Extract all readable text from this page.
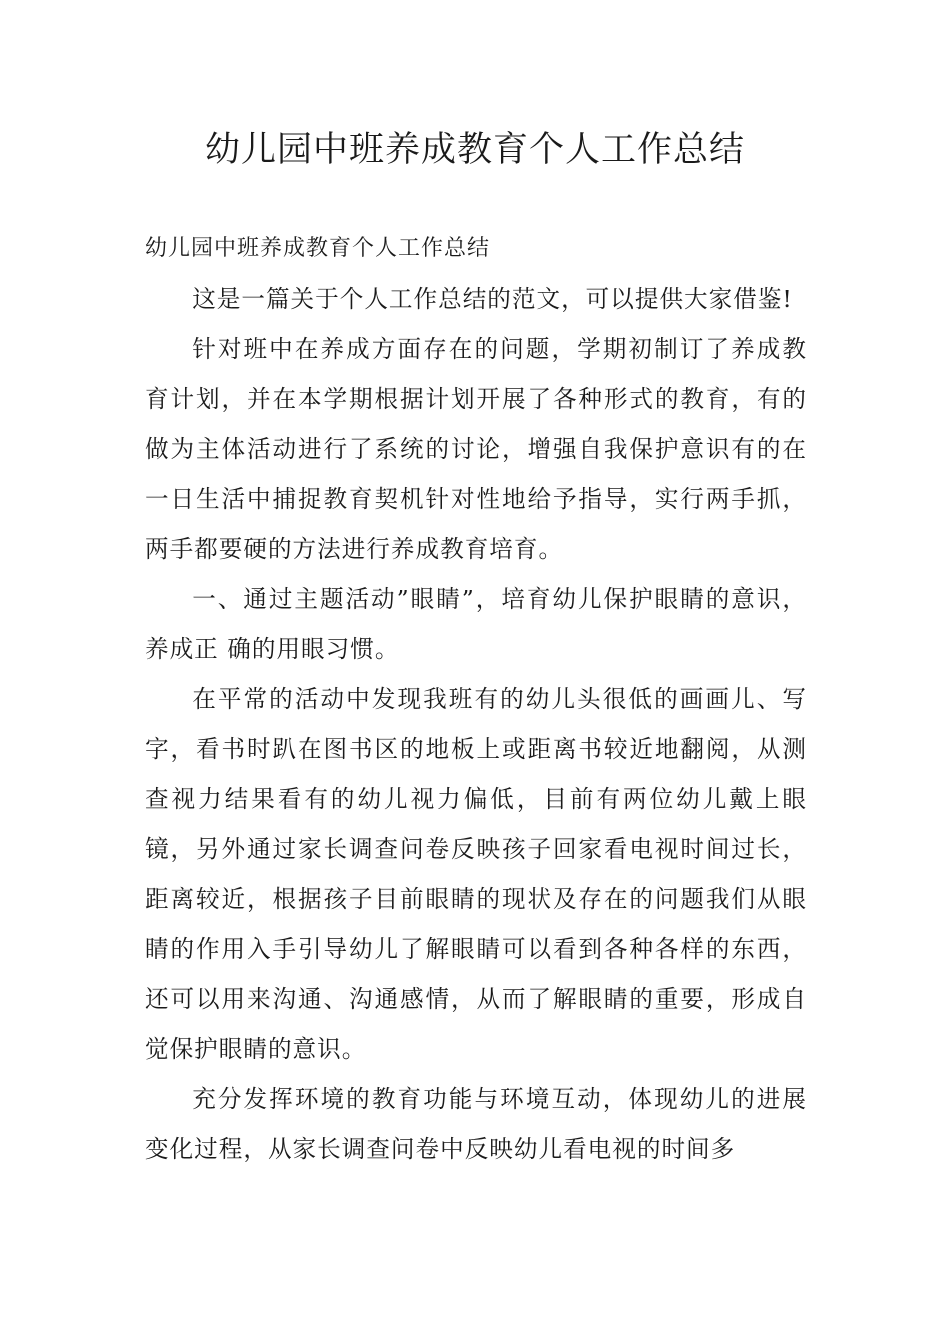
幼儿园中班养成教育个人工作总结

幼儿园中班养成教育个人工作总结

这是一篇关于个人工作总结的范文，可以提供大家借鉴!

针对班中在养成方面存在的问题，学期初制订了养成教育计划，并在本学期根据计划开展了各种形式的教育，有的做为主体活动进行了系统的讨论，增强自我保护意识有的在一日生活中捕捉教育契机针对性地给予指导，实行两手抓，两手都要硬的方法进行养成教育培育。

一、通过主题活动”眼睛”，培育幼儿保护眼睛的意识，养成正 确的用眼习惯。

在平常的活动中发现我班有的幼儿头很低的画画儿、写字，看书时趴在图书区的地板上或距离书较近地翻阅，从测查视力结果看有的幼儿视力偏低，目前有两位幼儿戴上眼镜，另外通过家长调查问卷反映孩子回家看电视时间过长，距离较近，根据孩子目前眼睛的现状及存在的问题我们从眼睛的作用入手引导幼儿了解眼睛可以看到各种各样的东西，还可以用来沟通、沟通感情，从而了解眼睛的重要，形成自觉保护眼睛的意识。

充分发挥环境的教育功能与环境互动，体现幼儿的进展变化过程，从家长调查问卷中反映幼儿看电视的时间多
